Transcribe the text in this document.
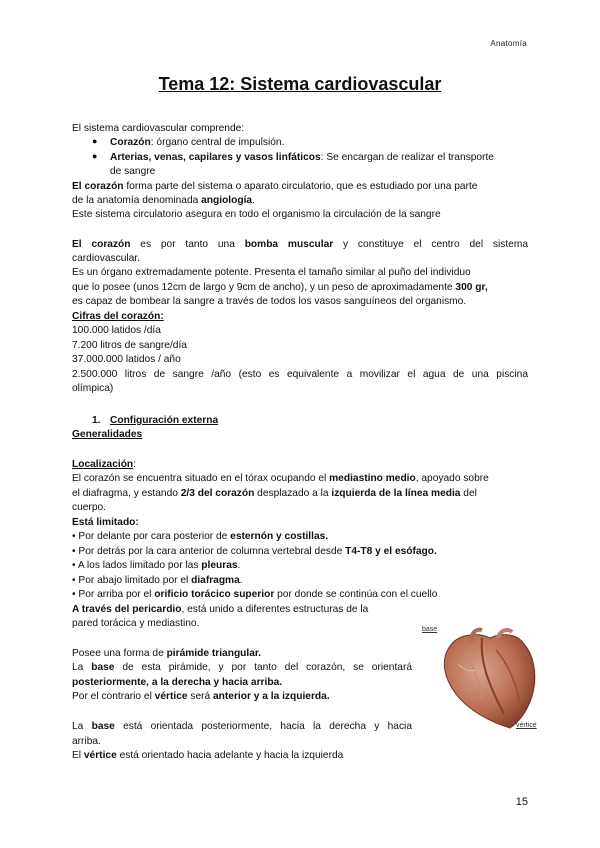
Anatomía
Tema 12: Sistema cardiovascular
El sistema cardiovascular comprende:
● Corazón: órgano central de impulsión.
● Arterias, venas, capilares y vasos linfáticos: Se encargan de realizar el transporte
de sangre
El corazón forma parte del sistema o aparato circulatorio, que es estudiado por una parte
de la anatomía denominada angiología.
Este sistema circulatorio asegura en todo el organismo la circulación de la sangre
El corazón es por tanto una bomba muscular y constituye el centro del sistema
cardiovascular.
Es un órgano extremadamente potente. Presenta el tamaño similar al puño del individuo
que lo posee (unos 12cm de largo y 9cm de ancho), y un peso de aproximadamente 300 gr,
es capaz de bombear la sangre a través de todos los vasos sanguíneos del organismo.
Cifras del corazón:
100.000 latidos /día
7.200 litros de sangre/día
37.000.000 latidos / año
2.500.000 litros de sangre /año (esto es equivalente a movilizar el agua de una piscina
olímpica)
1. Configuración externa
Generalidades
Localización:
El corazón se encuentra situado en el tórax ocupando el mediastino medio, apoyado sobre
el diafragma, y estando 2/3 del corazón desplazado a la izquierda de la línea media del
cuerpo.
Está limitado:
• Por delante por cara posterior de esternón y costillas.
• Por detrás por la cara anterior de columna vertebral desde T4-T8 y el esófago.
• A los lados limitado por las pleuras.
• Por abajo limitado por el diafragma.
• Por arriba por el orificio torácico superior por donde se continúa con el cuello
A través del pericardio, está unido a diferentes estructuras de la
pared torácica y mediastino.
Posee una forma de pirámide triangular.
La base de esta pirámide, y por tanto del corazón, se orientará
posteriormente, a la derecha y hacia arriba.
Por el contrario el vértice será anterior y a la izquierda.
La base está orientada posteriormente, hacia la derecha y hacia
arriba.
El vértice está orientado hacia adelante y hacia la izquierda
base
vértice
15
